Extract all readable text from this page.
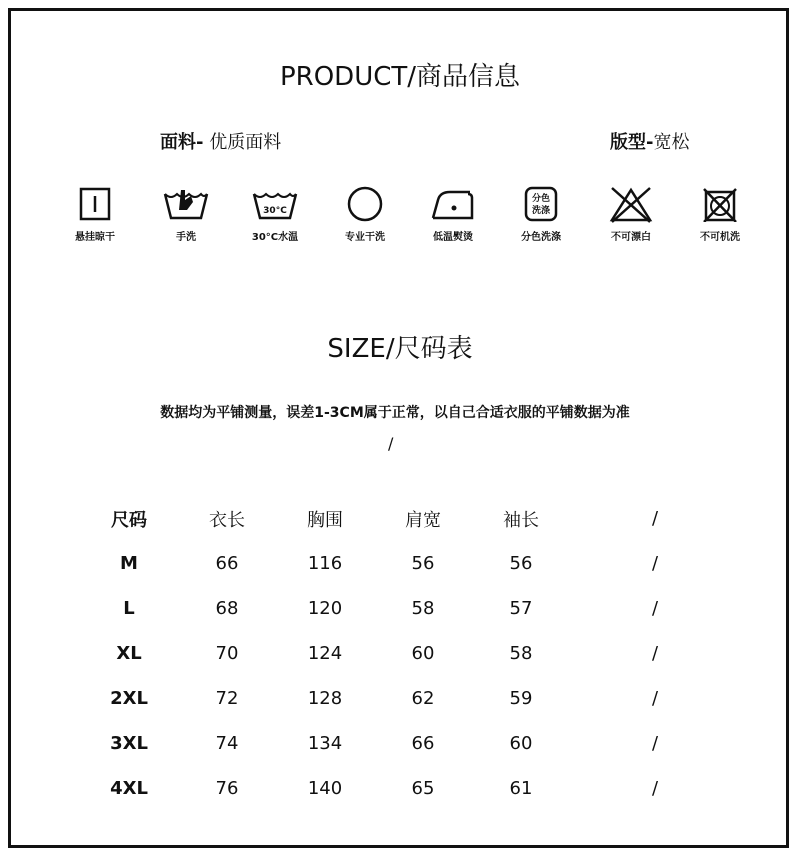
PRODUCT/商品信息
面料- 优质面料	版型-宽松
悬挂晾干	手洗
30°C
30°C水温	专业干洗	低温熨烫
分色
洗涤
分色洗涤	不可漂白	不可机洗
SIZE/尺码表
数据均为平铺测量，误差1-3CM属于正常，以自己合适衣服的平铺数据为准
/
尺码	衣长	胸围	肩宽	袖长	/
M	66	116	56	56	/
L	68	120	58	57	/
XL	70	124	60	58	/
2XL	72	128	62	59	/
3XL	74	134	66	60	/
4XL	76	140	65	61	/
